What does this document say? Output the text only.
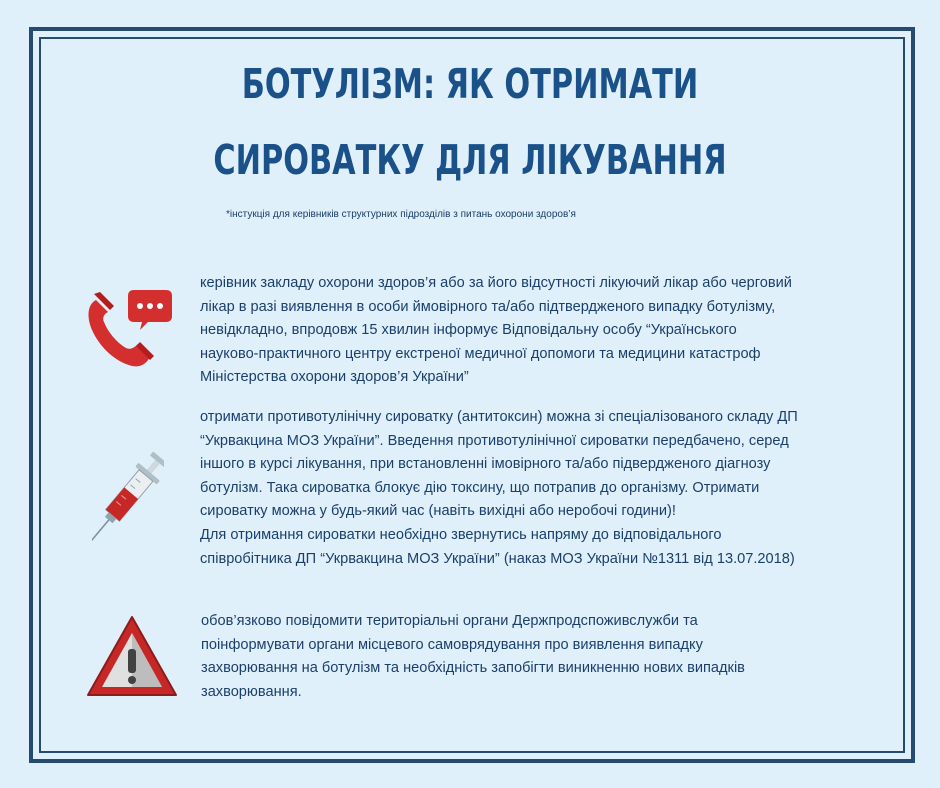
БОТУЛІЗМ: ЯК ОТРИМАТИ
СИРОВАТКУ ДЛЯ ЛІКУВАННЯ
*інстукція для керівників структурних підрозділів з питань охорони здоров’я
керівник закладу охорони здоров’я або за його відсутності лікуючий лікар або черговий
лікар в разі виявлення в особи ймовірного та/або підтвердженого випадку ботулізму,
невідкладно, впродовж 15 хвилин інформує Відповідальну особу “Українського
науково-практичного центру екстреної медичної допомоги та медицини катастроф
Міністерства охорони здоров’я України”
отримати противотулінічну сироватку (антитоксин) можна зі спеціалізованого складу ДП
“Укрвакцина МОЗ України”. Введення противотулінічної сироватки передбачено, серед
іншого в курсі лікування, при встановленні імовірного та/або підвердженого діагнозу
ботулізм. Така сироватка блокує дію токсину, що потрапив до організму. Отримати
сироватку можна у будь-який час (навіть вихідні або неробочі години)!
Для отримання сироватки необхідно звернутись напряму до відповідального
співробітника ДП “Укрвакцина МОЗ України” (наказ МОЗ України №1311 від 13.07.2018)
обов’язково повідомити територіальні органи Держпродспоживслужби та
поінформувати органи місцевого самоврядування про виявлення випадку
захворювання на ботулізм та необхідність запобігти виникненню нових випадків
захворювання.
